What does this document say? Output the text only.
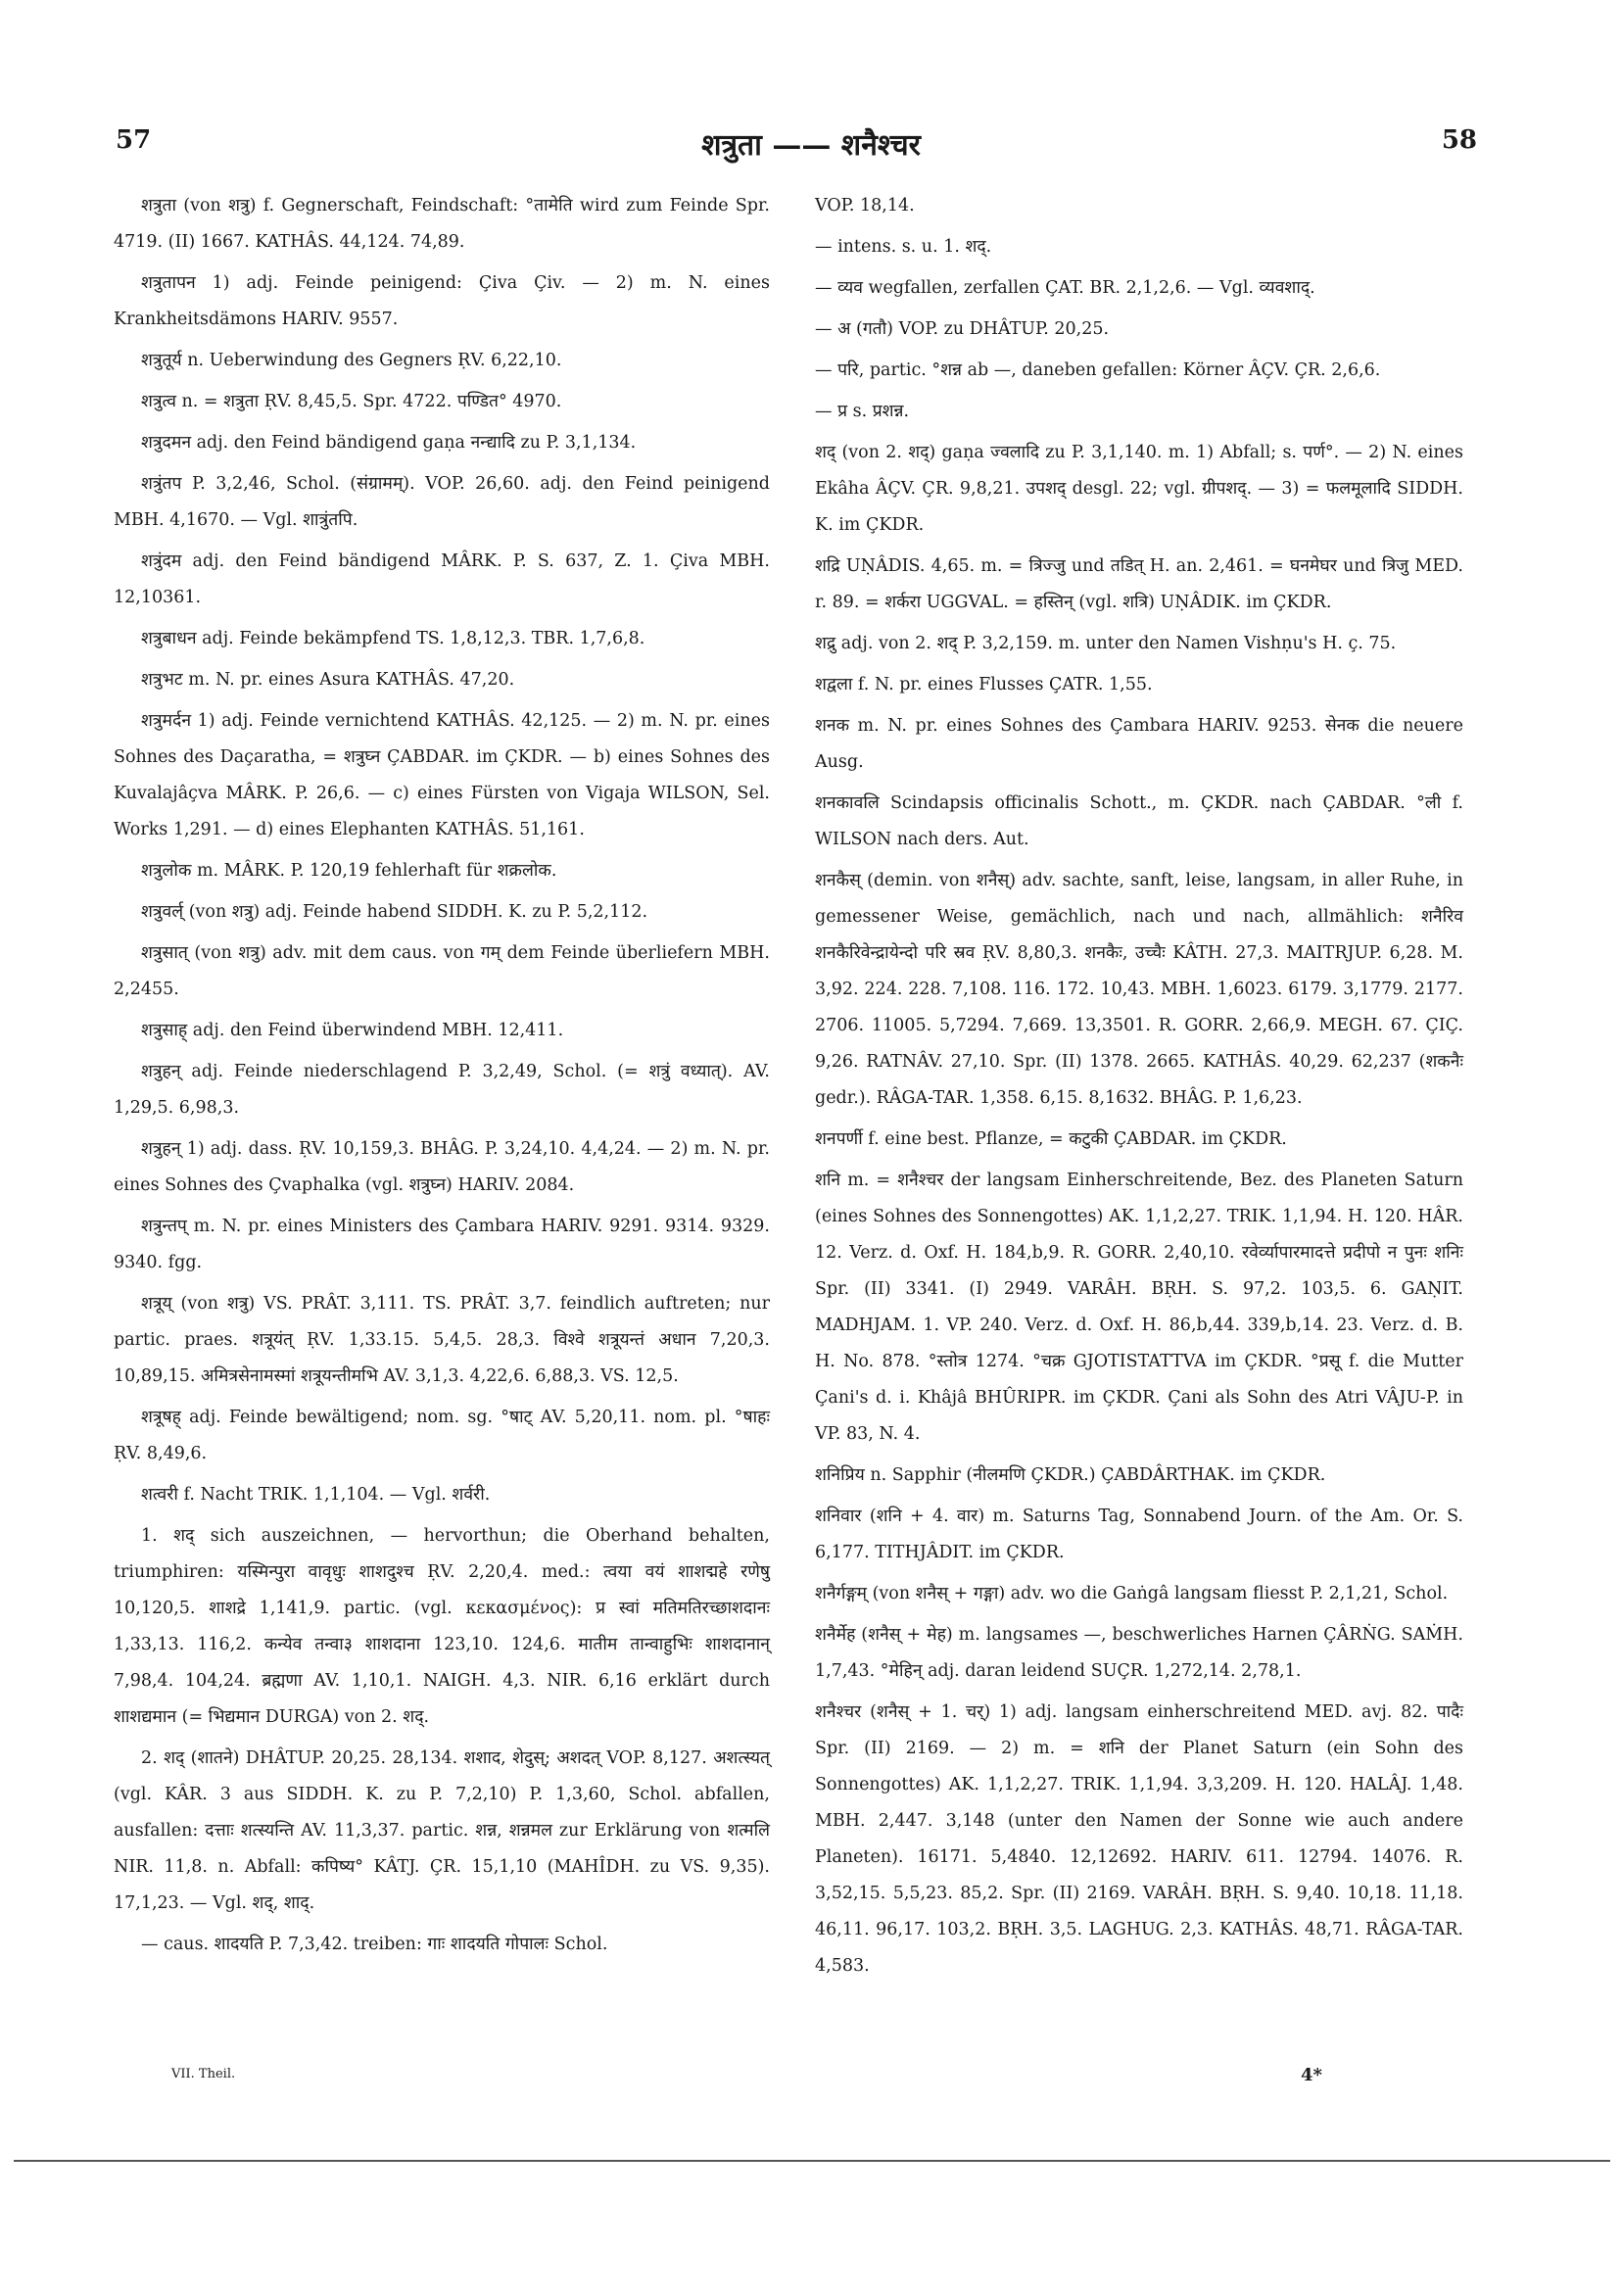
57	शत्रुता —— शनैश्चर	58

शत्रुता (von शत्रु) f. Gegnerschaft, Feindschaft: °तामेति wird zum Feinde Spr. 4719. (II) 1667. KATHÂS. 44,124. 74,89.

शत्रुतापन 1) adj. Feinde peinigend: Çiva Çiv. — 2) m. N. eines Krankheitsdämons HARIV. 9557.

शत्रुतूर्य n. Ueberwindung des Gegners ṚV. 6,22,10.

शत्रुत्व n. = शत्रुता ṚV. 8,45,5. Spr. 4722. पण्डित° 4970.

शत्रुदमन adj. den Feind bändigend gaṇa नन्द्यादि zu P. 3,1,134.

शत्रुंतप P. 3,2,46, Schol. (संग्रामम्). VOP. 26,60. adj. den Feind peinigend MBH. 4,1670. — Vgl. शात्रुंतपि.

शत्रुंदम adj. den Feind bändigend MÂRK. P. S. 637, Z. 1. Çiva MBH. 12,10361.

शत्रुबाधन adj. Feinde bekämpfend TS. 1,8,12,3. TBR. 1,7,6,8.

शत्रुभट m. N. pr. eines Asura KATHÂS. 47,20.

शत्रुमर्दन 1) adj. Feinde vernichtend KATHÂS. 42,125. — 2) m. N. pr. eines Sohnes des Daçaratha, = शत्रुघ्न ÇABDAR. im ÇKDR. — b) eines Sohnes des Kuvalajâçva MÂRK. P. 26,6. — c) eines Fürsten von Vigaja WILSON, Sel. Works 1,291. — d) eines Elephanten KATHÂS. 51,161.

शत्रुलोक m. MÂRK. P. 120,19 fehlerhaft für शक्रलोक.

शत्रुवर्ल् (von शत्रु) adj. Feinde habend SIDDH. K. zu P. 5,2,112.

शत्रुसात् (von शत्रु) adv. mit dem caus. von गम् dem Feinde überliefern MBH. 2,2455.

शत्रुसाह् adj. den Feind überwindend MBH. 12,411.

शत्रुहन् adj. Feinde niederschlagend P. 3,2,49, Schol. (= शत्रुं वध्यात्). AV. 1,29,5. 6,98,3.

शत्रुहन् 1) adj. dass. ṚV. 10,159,3. BHÂG. P. 3,24,10. 4,4,24. — 2) m. N. pr. eines Sohnes des Çvaphalka (vgl. शत्रुघ्न) HARIV. 2084.

शत्रुन्तप् m. N. pr. eines Ministers des Çambara HARIV. 9291. 9314. 9329. 9340. fgg.

शत्रूय् (von शत्रु) VS. PRÂT. 3,111. TS. PRÂT. 3,7. feindlich auftreten; nur partic. praes. शत्रूयंत् ṚV. 1,33.15. 5,4,5. 28,3. विश्वे शत्रूयन्तं अधान 7,20,3. 10,89,15. अमित्रसेनामस्मां शत्रूयन्तीमभि AV. 3,1,3. 4,22,6. 6,88,3. VS. 12,5.

शत्रूषह् adj. Feinde bewältigend; nom. sg. °षाट् AV. 5,20,11. nom. pl. °षाहः ṚV. 8,49,6.

शत्वरी f. Nacht TRIK. 1,1,104. — Vgl. शर्वरी.

1. शद् sich auszeichnen, — hervorthun; die Oberhand behalten, triumphiren: यस्मिन्पुरा वावृधुः शाशदुश्च ṚV. 2,20,4. med.: त्वया वयं शाशद्महे रणेषु 10,120,5. शाशद्रे 1,141,9. partic. (vgl. κεκασμένος): प्र स्वां मतिमतिरच्छाशदानः 1,33,13. 116,2. कन्येव तन्वा३ शाशदाना 123,10. 124,6. मातीम तान्वाहुभिः शाशदानान् 7,98,4. 104,24. ब्रह्मणा AV. 1,10,1. NAIGH. 4,3. NIR. 6,16 erklärt durch शाशद्यमान (= भिद्यमान DURGA) von 2. शद्.

2. शद् (शातने) DHÂTUP. 20,25. 28,134. शशाद, शेदुस्; अशदत् VOP. 8,127. अशत्स्यत् (vgl. KÂR. 3 aus SIDDH. K. zu P. 7,2,10) P. 1,3,60, Schol. abfallen, ausfallen: दत्ताः शत्स्यन्ति AV. 11,3,37. partic. शन्न, शन्नमल zur Erklärung von शत्मलि NIR. 11,8. n. Abfall: कपिष्य° KÂTJ. ÇR. 15,1,10 (MAHÎDH. zu VS. 9,35). 17,1,23. — Vgl. शद्, शाद्.

— caus. शादयति P. 7,3,42. treiben: गाः शादयति गोपालः Schol.

VOP. 18,14.

— intens. s. u. 1. शद्.

— व्यव wegfallen, zerfallen ÇAT. BR. 2,1,2,6. — Vgl. व्यवशाद्.

— अ (गतौ) VOP. zu DHÂTUP. 20,25.

— परि, partic. °शन्न ab —, daneben gefallen: Körner ÂÇV. ÇR. 2,6,6.

— प्र s. प्रशन्न.

शद् (von 2. शद्) gaṇa ज्वलादि zu P. 3,1,140. m. 1) Abfall; s. पर्ण°. — 2) N. eines Ekâha ÂÇV. ÇR. 9,8,21. उपशद् desgl. 22; vgl. ग्रीपशद्. — 3) = फलमूलादि SIDDH. K. im ÇKDR.

शद्रि UṆÂDIS. 4,65. m. = त्रिज्जु und तडित् H. an. 2,461. = घनमेघर und त्रिजु MED. r. 89. = शर्करा UGGVAL. = हस्तिन् (vgl. शत्रि) UṆÂDIK. im ÇKDR.

शद्रु adj. von 2. शद् P. 3,2,159. m. unter den Namen Vishṇu's H. ç. 75.

शद्वला f. N. pr. eines Flusses ÇATR. 1,55.

शनक m. N. pr. eines Sohnes des Çambara HARIV. 9253. सेनक die neuere Ausg.

शनकावलि Scindapsis officinalis Schott., m. ÇKDR. nach ÇABDAR. °ली f. WILSON nach ders. Aut.

शनकैस् (demin. von शनैस्) adv. sachte, sanft, leise, langsam, in aller Ruhe, in gemessener Weise, gemächlich, nach und nach, allmählich: शनैरिव शनकैरिवेन्द्रायेन्दो परि स्रव ṚV. 8,80,3. शनकैः, उच्चैः KÂTH. 27,3. MAITRJUP. 6,28. M. 3,92. 224. 228. 7,108. 116. 172. 10,43. MBH. 1,6023. 6179. 3,1779. 2177. 2706. 11005. 5,7294. 7,669. 13,3501. R. GORR. 2,66,9. MEGH. 67. ÇIÇ. 9,26. RATNÂV. 27,10. Spr. (II) 1378. 2665. KATHÂS. 40,29. 62,237 (शकनैः gedr.). RÂGA-TAR. 1,358. 6,15. 8,1632. BHÂG. P. 1,6,23.

शनपर्णी f. eine best. Pflanze, = कटुकी ÇABDAR. im ÇKDR.

शनि m. = शनैश्चर der langsam Einherschreitende, Bez. des Planeten Saturn (eines Sohnes des Sonnengottes) AK. 1,1,2,27. TRIK. 1,1,94. H. 120. HÂR. 12. Verz. d. Oxf. H. 184,b,9. R. GORR. 2,40,10. रवेर्व्यापारमादत्ते प्रदीपो न पुनः शनिः Spr. (II) 3341. (I) 2949. VARÂH. BṚH. S. 97,2. 103,5. 6. GAṆIT. MADHJAM. 1. VP. 240. Verz. d. Oxf. H. 86,b,44. 339,b,14. 23. Verz. d. B. H. No. 878. °स्तोत्र 1274. °चक्र GJOTISTATTVA im ÇKDR. °प्रसू f. die Mutter Çani's d. i. Khâjâ BHÛRIPR. im ÇKDR. Çani als Sohn des Atri VÂJU-P. in VP. 83, N. 4.

शनिप्रिय n. Sapphir (नीलमणि ÇKDR.) ÇABDÂRTHAK. im ÇKDR.

शनिवार (शनि + 4. वार) m. Saturns Tag, Sonnabend Journ. of the Am. Or. S. 6,177. TITHJÂDIT. im ÇKDR.

शनैर्गङ्गम् (von शनैस् + गङ्गा) adv. wo die Gaṅgâ langsam fliesst P. 2,1,21, Schol.

शनैर्मेह (शनैस् + मेह) m. langsames —, beschwerliches Harnen ÇÂRṄG. SAṀH. 1,7,43. °मेहिन् adj. daran leidend SUÇR. 1,272,14. 2,78,1.

शनैश्चर (शनैस् + 1. चर्) 1) adj. langsam einherschreitend MED. avj. 82. पादैः Spr. (II) 2169. — 2) m. = शनि der Planet Saturn (ein Sohn des Sonnengottes) AK. 1,1,2,27. TRIK. 1,1,94. 3,3,209. H. 120. HALÂJ. 1,48. MBH. 2,447. 3,148 (unter den Namen der Sonne wie auch andere Planeten). 16171. 5,4840. 12,12692. HARIV. 611. 12794. 14076. R. 3,52,15. 5,5,23. 85,2. Spr. (II) 2169. VARÂH. BṚH. S. 9,40. 10,18. 11,18. 46,11. 96,17. 103,2. BṚH. 3,5. LAGHUG. 2,3. KATHÂS. 48,71. RÂGA-TAR. 4,583.

VII. Theil.	4*
